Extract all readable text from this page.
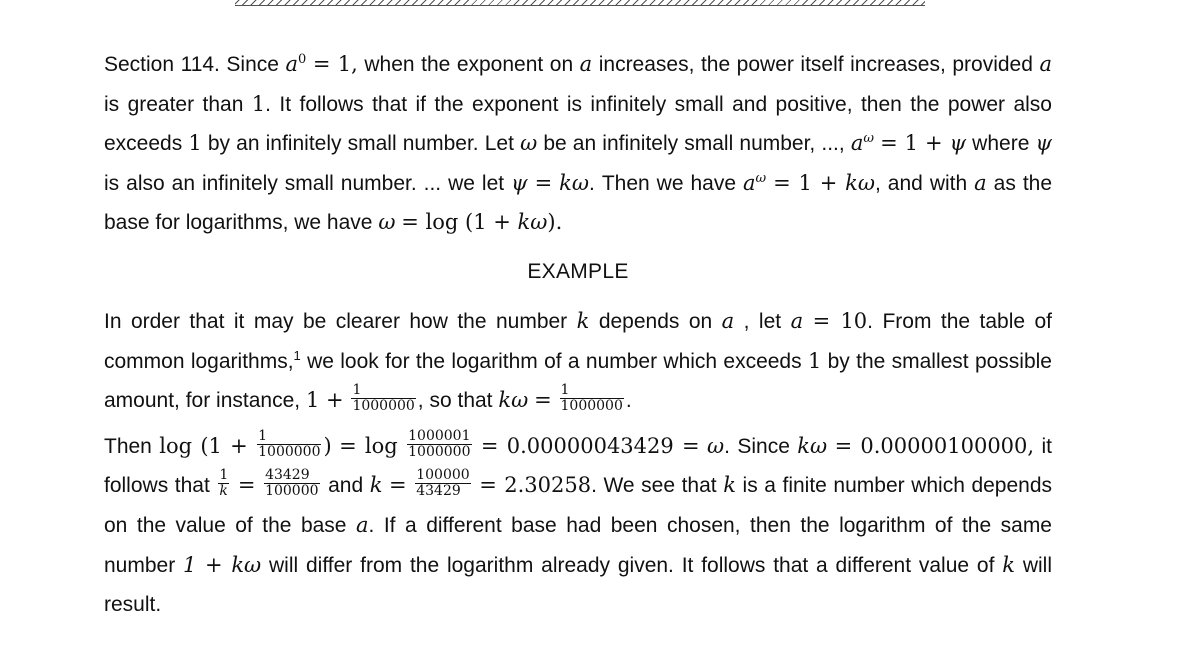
Section 114. Since $a^0 = 1$, when the exponent on a increases, the power itself increases, provided a is greater than 1. It follows that if the exponent is infinitely small and positive, then the power also exceeds 1 by an infinitely small number. Let ω be an infinitely small number, ..., $a^\omega = 1 + \psi$ where ψ is also an infinitely small number. ... we let ψ = kω. Then we have $a^\omega = 1 + k\omega$, and with a as the base for logarithms, we have ω = log (1 + kω).

EXAMPLE

In order that it may be clearer how the number k depends on a , let a = 10. From the table of common logarithms,$^1$ we look for the logarithm of a number which exceeds 1 by the smallest possible amount, for instance, $1 + \frac{1}{1000000}$ , so that $k\omega = \frac{1}{1000000}$ .

Then $\log (1 + \frac{1}{1000000}$ ) = $\log \frac{1000001}{1000000} = 0.00000043429 = \omega$. Since kω = 0.00000100000, it follows that $\frac{1}{k} = \frac{43429}{100000}$ and $k = \frac{100000}{43429} = 2.30258$. We see that k is a finite number which depends on the value of the base a. If a different base had been chosen, then the logarithm of the same number 1 + kω will differ from the logarithm already given. It follows that a different value of k will result.
